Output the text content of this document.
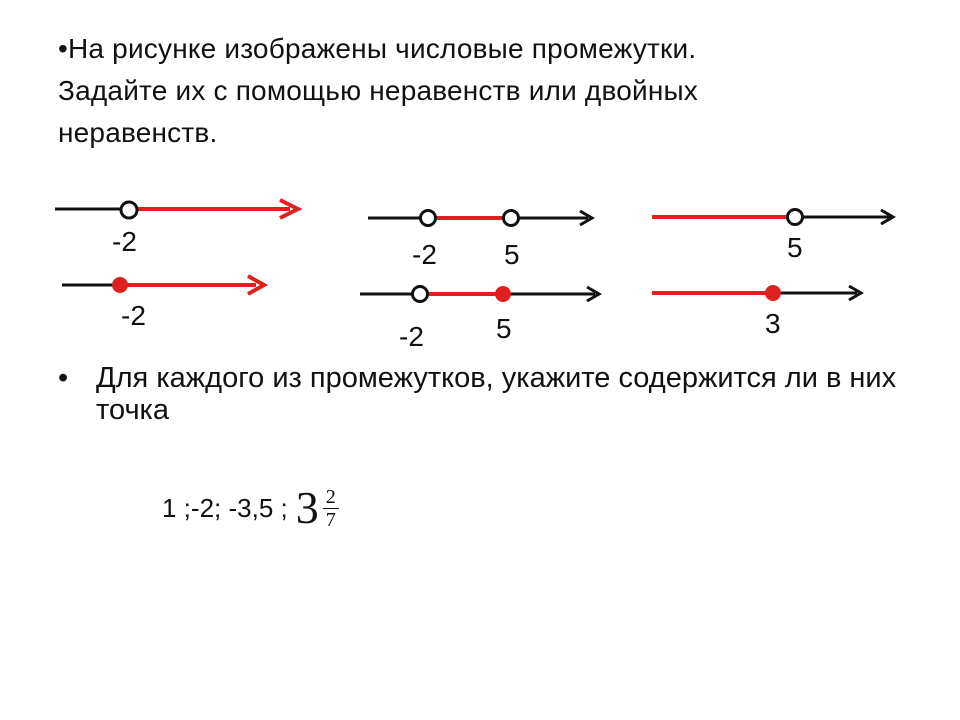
•На рисунке изображены числовые промежутки.

Задайте их с помощью неравенств или двойных

неравенств.

-2
-2
-2 5
-2	5
5
3
• Для каждого из промежутков, укажите содержится ли в них точка
1 ;-2; -3,5 ; $3 \frac{2}{7}$
